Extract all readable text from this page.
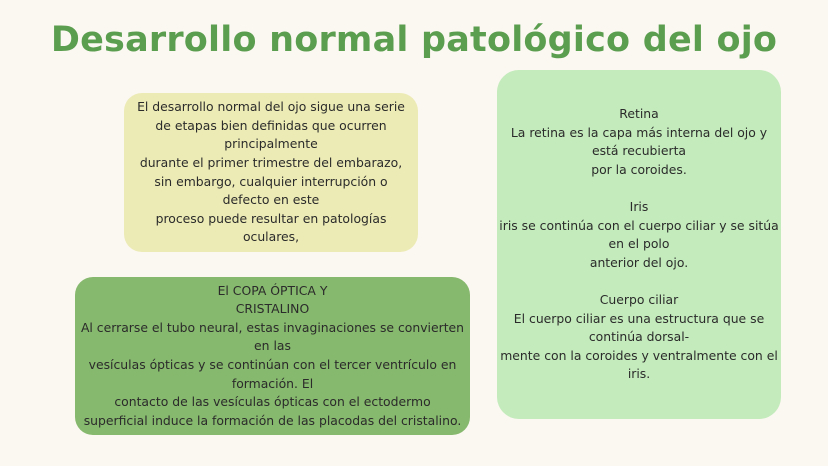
Desarrollo normal patológico del ojo
El desarrollo normal del ojo sigue una serie
de etapas bien definidas que ocurren
principalmente
durante el primer trimestre del embarazo,
sin embargo, cualquier interrupción o
defecto en este
proceso puede resultar en patologías
oculares,
El COPA ÓPTICA Y
CRISTALINO
Al cerrarse el tubo neural, estas invaginaciones se convierten
en las
vesículas ópticas y se continúan con el tercer ventrículo en
formación. El
contacto de las vesículas ópticas con el ectodermo
superficial induce la formación de las placodas del cristalino.
Retina
La retina es la capa más interna del ojo y
está recubierta
por la coroides.
Iris
iris se continúa con el cuerpo ciliar y se sitúa
en el polo
anterior del ojo.
Cuerpo ciliar
El cuerpo ciliar es una estructura que se
continúa dorsal-
mente con la coroides y ventralmente con el
iris.
